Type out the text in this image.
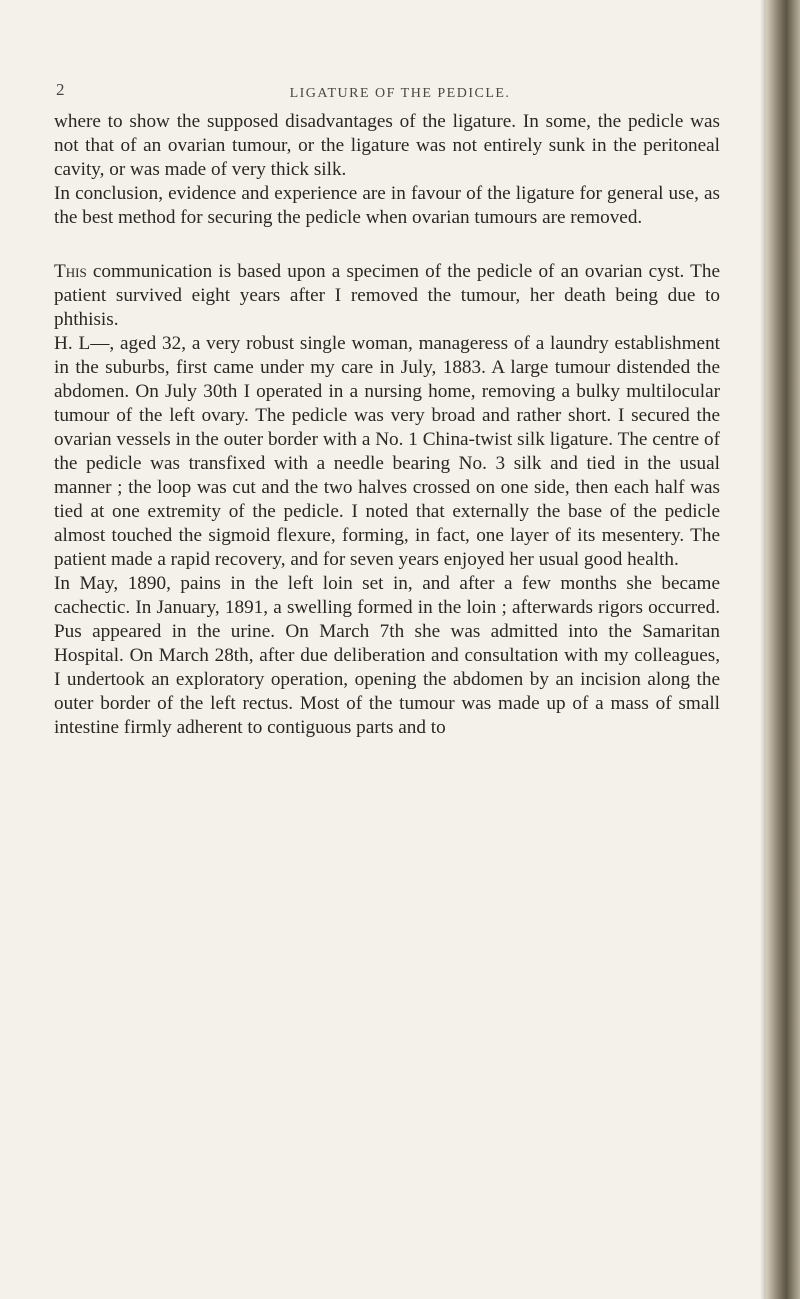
2	LIGATURE OF THE PEDICLE.

where to show the supposed disadvantages of the ligature. In some, the pedicle was not that of an ovarian tumour, or the ligature was not entirely sunk in the peritoneal cavity, or was made of very thick silk.

In conclusion, evidence and experience are in favour of the ligature for general use, as the best method for securing the pedicle when ovarian tumours are removed.

This communication is based upon a specimen of the pedicle of an ovarian cyst. The patient survived eight years after I removed the tumour, her death being due to phthisis.

H. L—, aged 32, a very robust single woman, manageress of a laundry establishment in the suburbs, first came under my care in July, 1883. A large tumour distended the abdomen. On July 30th I operated in a nursing home, removing a bulky multilocular tumour of the left ovary. The pedicle was very broad and rather short. I secured the ovarian vessels in the outer border with a No. 1 China-twist silk ligature. The centre of the pedicle was transfixed with a needle bearing No. 3 silk and tied in the usual manner ; the loop was cut and the two halves crossed on one side, then each half was tied at one extremity of the pedicle. I noted that externally the base of the pedicle almost touched the sigmoid flexure, forming, in fact, one layer of its mesentery. The patient made a rapid recovery, and for seven years enjoyed her usual good health.

In May, 1890, pains in the left loin set in, and after a few months she became cachectic. In January, 1891, a swelling formed in the loin ; afterwards rigors occurred. Pus appeared in the urine. On March 7th she was admitted into the Samaritan Hospital. On March 28th, after due deliberation and consultation with my colleagues, I undertook an exploratory operation, opening the abdomen by an incision along the outer border of the left rectus. Most of the tumour was made up of a mass of small intestine firmly adherent to contiguous parts and to
